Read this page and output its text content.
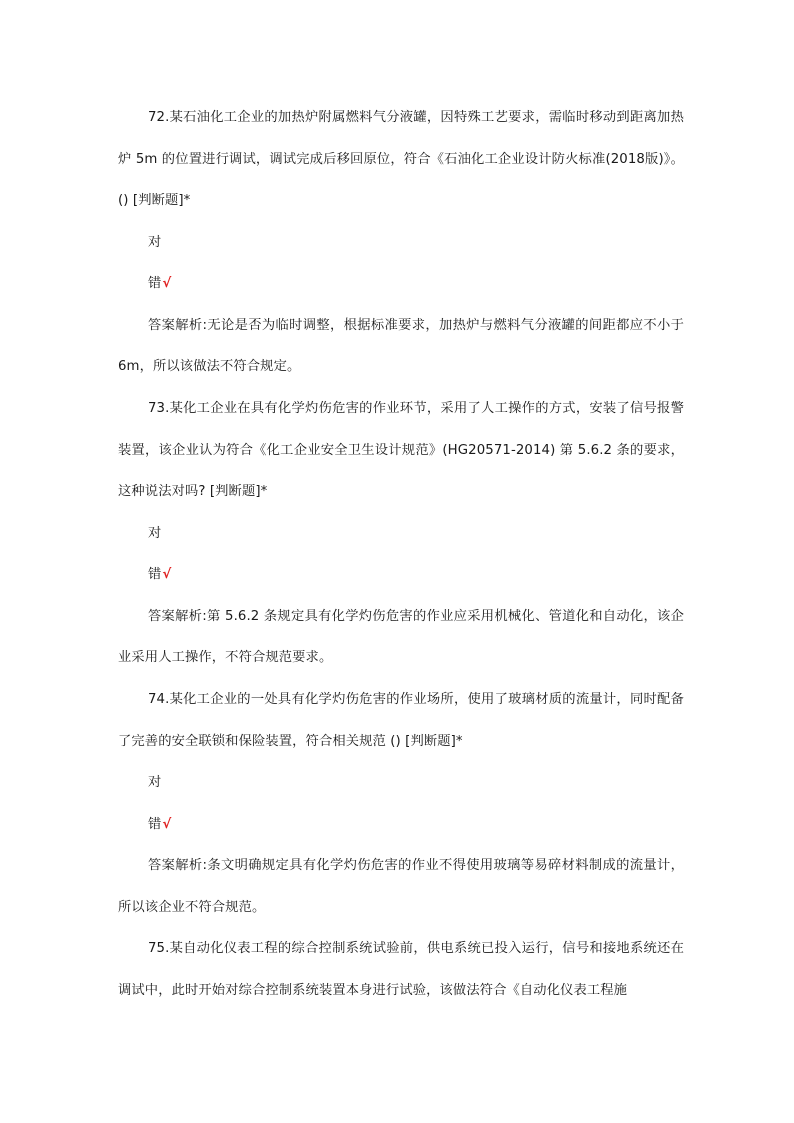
72.某石油化工企业的加热炉附属燃料气分液罐，因特殊工艺要求，需临时移动到距离加热炉 5m 的位置进行调试，调试完成后移回原位，符合《石油化工企业设计防火标准(2018版)》。() [判断题]*

对

错√

答案解析:无论是否为临时调整，根据标准要求，加热炉与燃料气分液罐的间距都应不小于 6m，所以该做法不符合规定。

73.某化工企业在具有化学灼伤危害的作业环节，采用了人工操作的方式，安装了信号报警装置，该企业认为符合《化工企业安全卫生设计规范》(HG20571-2014) 第 5.6.2 条的要求，这种说法对吗? [判断题]*

对

错√

答案解析:第 5.6.2 条规定具有化学灼伤危害的作业应采用机械化、管道化和自动化，该企业采用人工操作，不符合规范要求。

74.某化工企业的一处具有化学灼伤危害的作业场所，使用了玻璃材质的流量计，同时配备了完善的安全联锁和保险装置，符合相关规范 () [判断题]*

对

错√

答案解析:条文明确规定具有化学灼伤危害的作业不得使用玻璃等易碎材料制成的流量计，所以该企业不符合规范。

75.某自动化仪表工程的综合控制系统试验前，供电系统已投入运行，信号和接地系统还在调试中，此时开始对综合控制系统装置本身进行试验，该做法符合《自动化仪表工程施
